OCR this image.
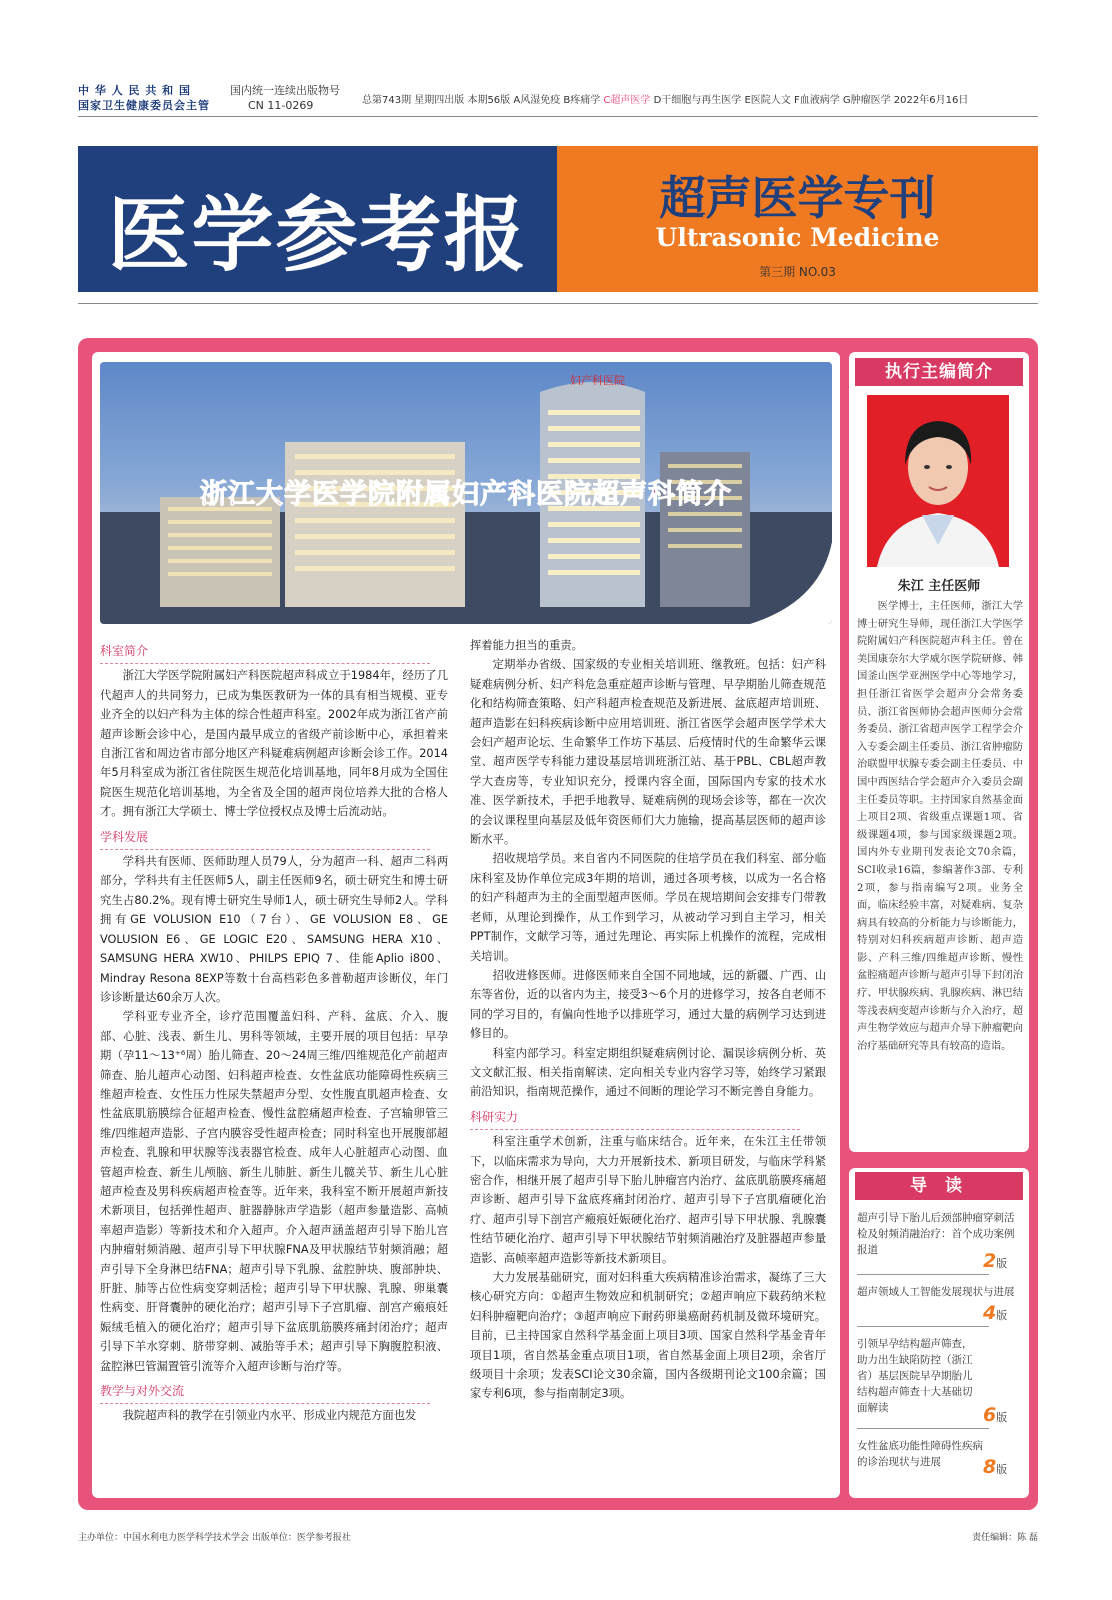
中 华 人 民 共 和 国
国家卫生健康委员会主管
国内统一连续出版物号
CN 11-0269	总第743期 星期四出版 本期56版 A风湿免疫 B疼痛学 C超声医学 D干细胞与再生医学 E医院人文 F血液病学 G肿瘤医学 2022年6月16日
医学参考报	超声医学专刊
Ultrasonic Medicine
第三期 NO.03
妇产科医院
浙江大学医学院附属妇产科医院超声科简介
科室简介

浙江大学医学院附属妇产科医院超声科成立于1984年，经历了几代超声人的共同努力，已成为集医教研为一体的具有相当规模、亚专业齐全的以妇产科为主体的综合性超声科室。2002年成为浙江省产前超声诊断会诊中心，是国内最早成立的省级产前诊断中心，承担着来自浙江省和周边省市部分地区产科疑难病例超声诊断会诊工作。2014年5月科室成为浙江省住院医生规范化培训基地，同年8月成为全国住院医生规范化培训基地，为全省及全国的超声岗位培养大批的合格人才。拥有浙江大学硕士、博士学位授权点及博士后流动站。

学科发展

学科共有医师、医师助理人员79人，分为超声一科、超声二科两部分，学科共有主任医师5人，副主任医师9名，硕士研究生和博士研究生占80.2%。现有博士研究生导师1人，硕士研究生导师2人。学科拥有GE VOLUSION E10（7台）、GE VOLUSION E8、GE VOLUSION E6、GE LOGIC E20、SAMSUNG HERA X10、SAMSUNG HERA XW10、PHILPS EPIQ 7、佳能Aplio i800、Mindray Resona 8EXP等数十台高档彩色多普勒超声诊断仪，年门诊诊断量达60余万人次。

学科亚专业齐全，诊疗范围覆盖妇科、产科、盆底、介入、腹部、心脏、浅表、新生儿、男科等领域，主要开展的项目包括：早孕期（孕11～13⁺⁶周）胎儿筛查、20～24周三维/四维规范化产前超声筛查、胎儿超声心动图、妇科超声检查、女性盆底功能障碍性疾病三维超声检查、女性压力性尿失禁超声分型、女性腹直肌超声检查、女性盆底肌筋膜综合征超声检查、慢性盆腔痛超声检查、子宫输卵管三维/四维超声造影、子宫内膜容受性超声检查；同时科室也开展腹部超声检查、乳腺和甲状腺等浅表器官检查、成年人心脏超声心动图、血管超声检查、新生儿颅脑、新生儿肺脏、新生儿髋关节、新生儿心脏超声检查及男科疾病超声检查等。近年来，我科室不断开展超声新技术新项目，包括弹性超声、脏器静脉声学造影（超声参量造影、高帧率超声造影）等新技术和介入超声。介入超声涵盖超声引导下胎儿宫内肿瘤射频消融、超声引导下甲状腺FNA及甲状腺结节射频消融；超声引导下全身淋巴结FNA；超声引导下乳腺、盆腔肿块、腹部肿块、肝脏、肺等占位性病变穿刺活检；超声引导下甲状腺、乳腺、卵巢囊性病变、肝肾囊肿的硬化治疗；超声引导下子宫肌瘤、剖宫产瘢痕妊娠绒毛植入的硬化治疗；超声引导下盆底肌筋膜疼痛封闭治疗；超声引导下羊水穿刺、脐带穿刺、减胎等手术；超声引导下胸腹腔积液、盆腔淋巴管漏置管引流等介入超声诊断与治疗等。

教学与对外交流

我院超声科的教学在引领业内水平、形成业内规范方面也发

挥着能力担当的重责。

定期举办省级、国家级的专业相关培训班、继教班。包括：妇产科疑难病例分析、妇产科危急重症超声诊断与管理、早孕期胎儿筛查规范化和结构筛查策略、妇产科超声检查规范及新进展、盆底超声培训班、超声造影在妇科疾病诊断中应用培训班、浙江省医学会超声医学学术大会妇产超声论坛、生命繁华工作坊下基层、后疫情时代的生命繁华云课堂、超声医学专科能力建设基层培训班浙江站、基于PBL、CBL超声教学大查房等，专业知识充分，授课内容全面，国际国内专家的技术水准、医学新技术，手把手地教导、疑难病例的现场会诊等，都在一次次的会议课程里向基层及低年资医师们大力施输，提高基层医师的超声诊断水平。

招收规培学员。来自省内不同医院的住培学员在我们科室、部分临床科室及协作单位完成3年期的培训，通过各项考核，以成为一名合格的妇产科超声为主的全面型超声医师。学员在规培期间会安排专门带教老师，从理论到操作，从工作到学习，从被动学习到自主学习，相关PPT制作，文献学习等，通过先理论、再实际上机操作的流程，完成相关培训。

招收进修医师。进修医师来自全国不同地域，远的新疆、广西、山东等省份，近的以省内为主，接受3～6个月的进修学习，按各自老师不同的学习目的，有偏向性地予以排班学习，通过大量的病例学习达到进修目的。

科室内部学习。科室定期组织疑难病例讨论、漏误诊病例分析、英文文献汇报、相关指南解读、定向相关专业内容学习等，始终学习紧跟前沿知识，指南规范操作，通过不间断的理论学习不断完善自身能力。

科研实力

科室注重学术创新，注重与临床结合。近年来，在朱江主任带领下，以临床需求为导向，大力开展新技术、新项目研发，与临床学科紧密合作，相继开展了超声引导下胎儿肿瘤宫内治疗、盆底肌筋膜疼痛超声诊断、超声引导下盆底疼痛封闭治疗、超声引导下子宫肌瘤硬化治疗、超声引导下剖宫产瘢痕妊娠硬化治疗、超声引导下甲状腺、乳腺囊性结节硬化治疗、超声引导下甲状腺结节射频消融治疗及脏器超声参量造影、高帧率超声造影等新技术新项目。

大力发展基础研究，面对妇科重大疾病精准诊治需求，凝练了三大核心研究方向：①超声生物效应和机制研究；②超声响应下载药纳米粒妇科肿瘤靶向治疗；③超声响应下耐药卵巢癌耐药机制及微环境研究。目前，已主持国家自然科学基金面上项目3项、国家自然科学基金青年项目1项，省自然基金重点项目1项，省自然基金面上项目2项，余省厅级项目十余项；发表SCI论文30余篇，国内各级期刊论文100余篇；国家专利6项，参与指南制定3项。

执行主编简介
朱江 主任医师

医学博士，主任医师，浙江大学博士研究生导师，现任浙江大学医学院附属妇产科医院超声科主任。曾在美国康奈尔大学威尔医学院研修、韩国釜山医学亚洲医学中心等地学习，担任浙江省医学会超声分会常务委员、浙江省医师协会超声医师分会常务委员、浙江省超声医学工程学会介入专委会副主任委员、浙江省肿瘤防治联盟甲状腺专委会副主任委员、中国中西医结合学会超声介入委员会副主任委员等职。主持国家自然基金面上项目2项、省级重点课题1项、省级课题4项，参与国家级课题2项。国内外专业期刊发表论文70余篇，SCI收录16篇，参编著作3部、专利2项，参与指南编写2项。业务全面，临床经验丰富，对疑难病、复杂病具有较高的分析能力与诊断能力，特别对妇科疾病超声诊断、超声造影、产科三维/四维超声诊断、慢性盆腔痛超声诊断与超声引导下封闭治疗、甲状腺疾病、乳腺疾病、淋巴结等浅表病变超声诊断与介入治疗，超声生物学效应与超声介导下肿瘤靶向治疗基础研究等具有较高的造诣。

导 读
超声引导下胎儿后颈部肿瘤穿刺活检及射频消融治疗：首个成功案例报道	2版
超声领域人工智能发展现状与进展
4版
引领早孕结构超声筛查，助力出生缺陷防控（浙江省）基层医院早孕期胎儿结构超声筛查十大基础切面解读	6版
女性盆底功能性障碍性疾病的诊治现状与进展	8版
主办单位：中国水利电力医学科学技术学会 出版单位：医学参考报社	责任编辑：陈 磊
